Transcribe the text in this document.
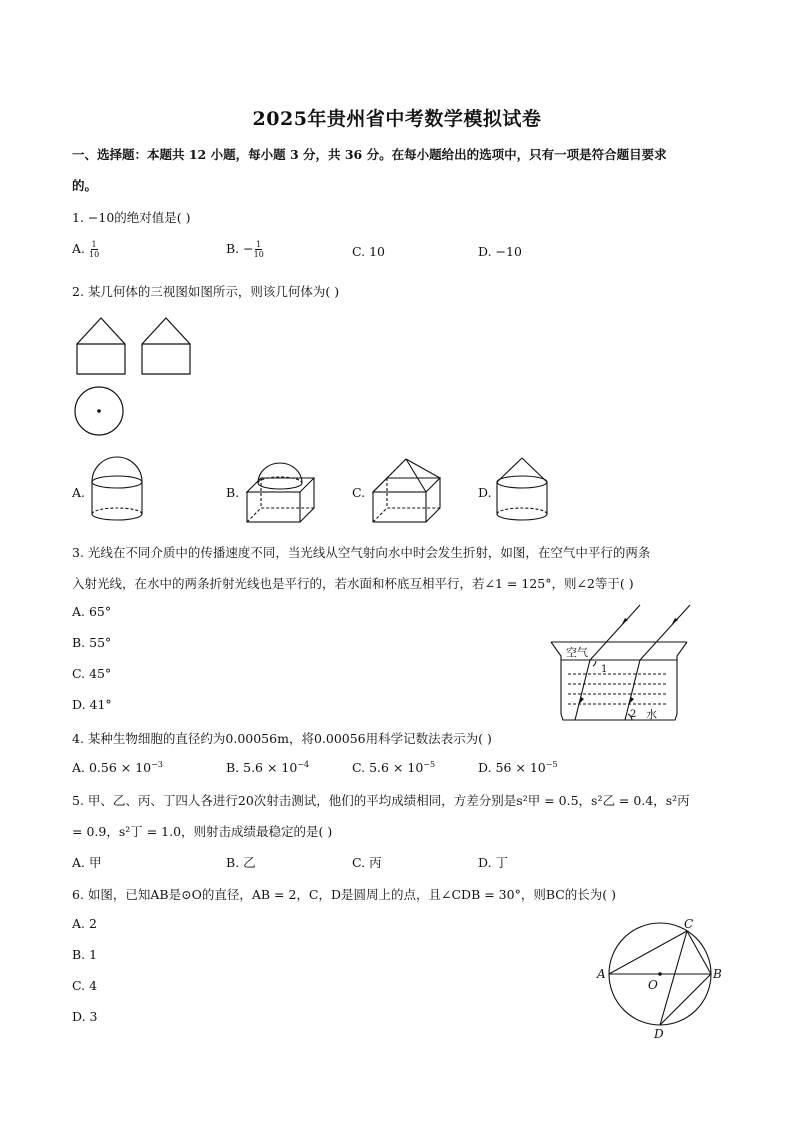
2025年贵州省中考数学模拟试卷
一、选择题：本题共 12 小题，每小题 3 分，共 36 分。在每小题给出的选项中，只有一项是符合题目要求
的。
1. −10的绝对值是( )
A. $\frac{1}{10}$	B. − $\frac{1}{10}$	C. 10	D. −10
2. 某几何体的三视图如图所示，则该几何体为( )
A.	B.	C.	D.
3. 光线在不同介质中的传播速度不同，当光线从空气射向水中时会发生折射，如图，在空气中平行的两条
入射光线，在水中的两条折射光线也是平行的，若水面和杯底互相平行，若∠1 = 125°，则∠2等于( )
A. 65°
B. 55°
C. 45°
D. 41°
空气
水
1
2
4. 某种生物细胞的直径约为0.00056m，将0.00056用科学记数法表示为( )
A. $0.56 \times 10^{-3}$	B. $5.6 \times 10^{-4}$	C. $5.6 \times 10^{-5}$	D. $56 \times 10^{-5}$
5. 甲、乙、丙、丁四人各进行20次射击测试，他们的平均成绩相同，方差分别是s²甲 = 0.5，s²乙 = 0.4，s²丙
= 0.9，s²丁 = 1.0，则射击成绩最稳定的是( )
A. 甲	B. 乙	C. 丙	D. 丁
6. 如图，已知AB是⊙O的直径，AB = 2，C，D是圆周上的点，且∠CDB = 30°，则BC的长为( )
A. 2
B. 1
C. 4
D. 3
A	B
C
D
O
